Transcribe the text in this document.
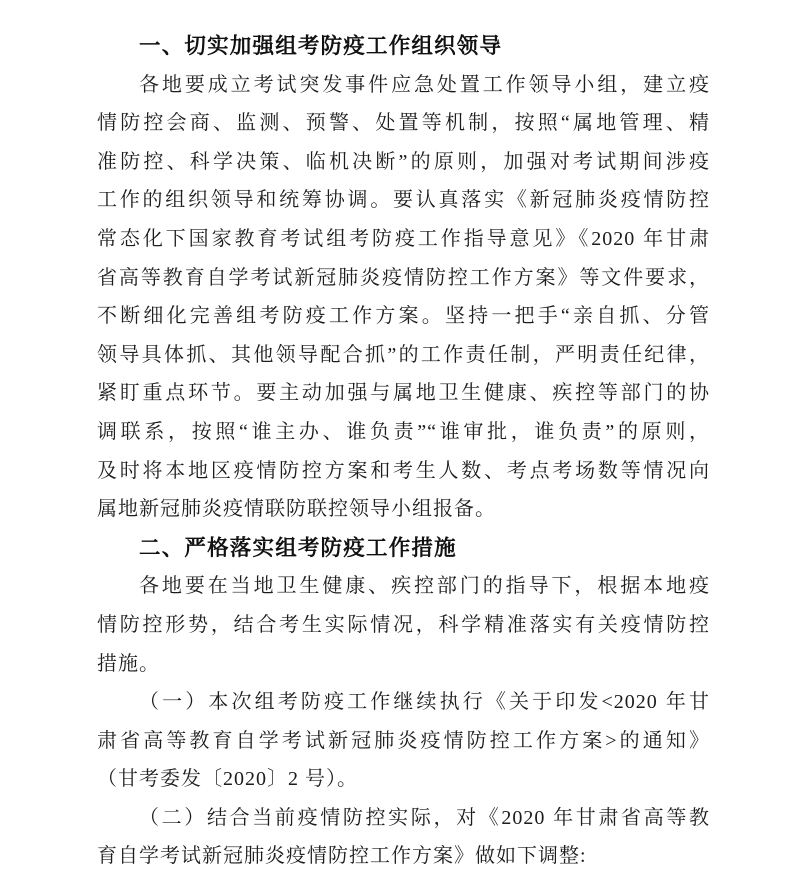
一、切实加强组考防疫工作组织领导
各地要成立考试突发事件应急处置工作领导小组，建立疫
情防控会商、监测、预警、处置等机制，按照“属地管理、精
准防控、科学决策、临机决断”的原则，加强对考试期间涉疫
工作的组织领导和统筹协调。要认真落实《新冠肺炎疫情防控
常态化下国家教育考试组考防疫工作指导意见》《2020 年甘肃
省高等教育自学考试新冠肺炎疫情防控工作方案》等文件要求，
不断细化完善组考防疫工作方案。坚持一把手“亲自抓、分管
领导具体抓、其他领导配合抓”的工作责任制，严明责任纪律，
紧盯重点环节。要主动加强与属地卫生健康、疾控等部门的协
调联系，按照“谁主办、谁负责”“谁审批，谁负责”的原则，
及时将本地区疫情防控方案和考生人数、考点考场数等情况向
属地新冠肺炎疫情联防联控领导小组报备。
二、严格落实组考防疫工作措施
各地要在当地卫生健康、疾控部门的指导下，根据本地疫
情防控形势，结合考生实际情况，科学精准落实有关疫情防控
措施。
（一）本次组考防疫工作继续执行《关于印发<2020 年甘
肃省高等教育自学考试新冠肺炎疫情防控工作方案>的通知》
（甘考委发〔2020〕2 号）。
（二）结合当前疫情防控实际，对《2020 年甘肃省高等教
育自学考试新冠肺炎疫情防控工作方案》做如下调整:
